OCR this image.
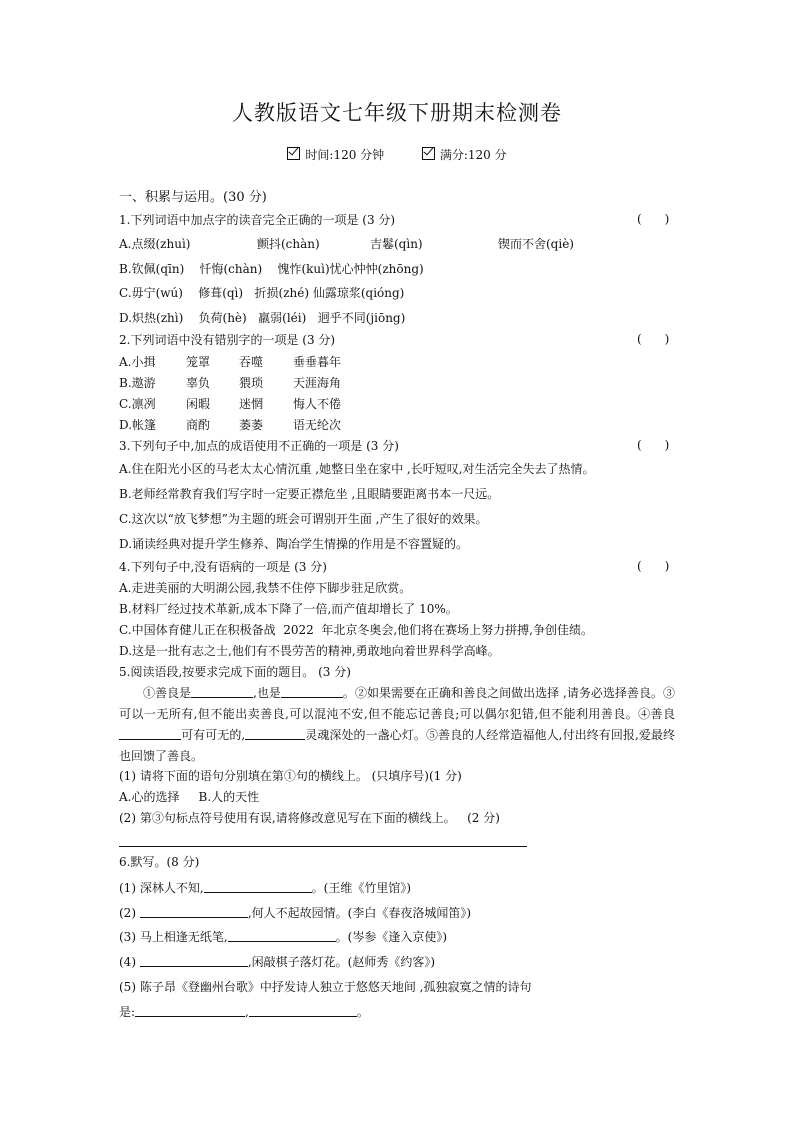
人教版语文七年级下册期末检测卷
时间:120 分钟	满分:120 分
一、积累与运用。(30 分)
1.下列词语中加点字的读音完全正确的一项是 (3 分)	(      )
A.点缀(zhuì)	颤抖(chàn)	吉鬈(qìn)	锲而不舍(qiè)
B.钦佩(qīn)    忏悔(chàn)    愧怍(kuì)忧心忡忡(zhōng)
C.毋宁(wú)    修葺(qì)   折损(zhé) 仙露琼浆(qióng)
D.炽热(zhì)    负荷(hè)   羸弱(léi)   迥乎不同(jiōng)
2.下列词语中没有错别字的一项是 (3 分)	(      )
A.小揖	笼罩 吞噬 垂垂暮年
B.遨游	辜负 猥琐 天涯海角
C.凛冽	闲暇 迷惘 悔人不倦
D.帐篷 商酌 萎萎 语无纶次
3.下列句子中,加点的成语使用不正确的一项是 (3 分)	(      )
A.住在阳光小区的马老太太心情沉重 ,她整日坐在家中 ,长吁短叹,对生活完全失去了热情。
B.老师经常教育我们写字时一定要正襟危坐 ,且眼睛要距离书本一尺远。
C.这次以“放飞梦想”为主题的班会可谓别开生面 ,产生了很好的效果。
D.诵读经典对提升学生修养、陶冶学生情操的作用是不容置疑的。
4.下列句子中,没有语病的一项是 (3 分)	(      )
A.走进美丽的大明湖公园,我禁不住停下脚步驻足欣赏。
B.材料厂经过技术革新,成本下降了一倍,而产值却增长了 10%。
C.中国体育健儿正在积极备战  2022  年北京冬奥会,他们将在赛场上努力拼搏,争创佳绩。
D.这是一批有志之士,他们有不畏劳苦的精神,勇敢地向着世界科学高峰。
5.阅读语段,按要求完成下面的题目。 (3 分)
①善良是	,也是	。②如果需要在正确和善良之间做出选择 ,请务必选择善良。③可以一无所有,但不能出卖善良,可以混沌不安,但不能忘记善良;可以偶尔犯错,但不能利用善良。④善良可有可无的,	灵魂深处的一盏心灯。⑤善良的人经常造福他人,付出终有回报,爱最终也回馈了善良。
(1) 请将下面的语句分别填在第①句的横线上。 (只填序号)(1 分)
A.心的选择     B.人的天性
(2) 第③句标点符号使用有误,请将修改意见写在下面的横线上。   (2 分)
6.默写。(8 分)
(1) 深林人不知,	。(王维《竹里馆》)
(2)	,何人不起故园情。(李白《春夜洛城闻笛》)
(3) 马上相逢无纸笔,	。(岑参《逢入京使》)
(4)	,闲敲棋子落灯花。(赵师秀《约客》)
(5) 陈子昂《登幽州台歌》中抒发诗人独立于悠悠天地间 ,孤独寂寞之情的诗句
是:	,	。
